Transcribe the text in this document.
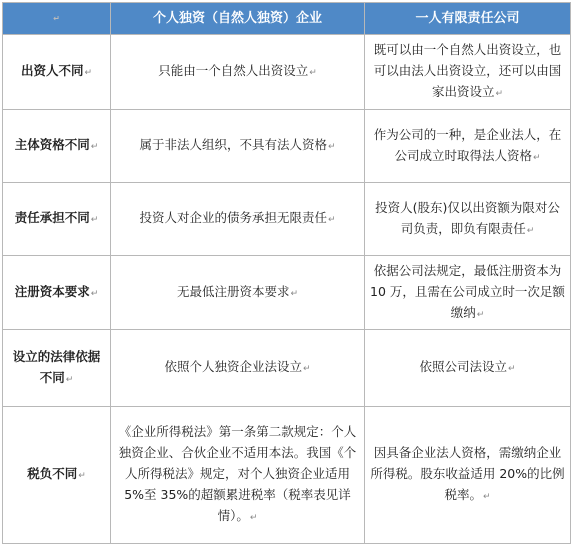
↵	个人独资（自然人独资）企业	一人有限责任公司
出资人不同 ↵	只能由一个自然人出资设立 ↵	既可以由一个自然人出资设立，也可以由法人出资设立，还可以由国家出资设立 ↵
主体资格不同 ↵	属于非法人组织，不具有法人资格 ↵	作为公司的一种，是企业法人，在公司成立时取得法人资格 ↵
责任承担不同 ↵	投资人对企业的债务承担无限责任 ↵	投资人(股东)仅以出资额为限对公司负责，即负有限责任 ↵
注册资本要求 ↵	无最低注册资本要求 ↵	依据公司法规定，最低注册资本为 10 万，且需在公司成立时一次足额缴纳 ↵
设立的法律依据不同 ↵	依照个人独资企业法设立 ↵	依照公司法设立 ↵
税负不同 ↵	《企业所得税法》第一条第二款规定：个人独资企业、合伙企业不适用本法。我国《个人所得税法》规定，对个人独资企业适用 5%至 35%的超额累进税率（税率表见详情）。 ↵	因具备企业法人资格，需缴纳企业所得税。股东收益适用 20%的比例税率。 ↵
